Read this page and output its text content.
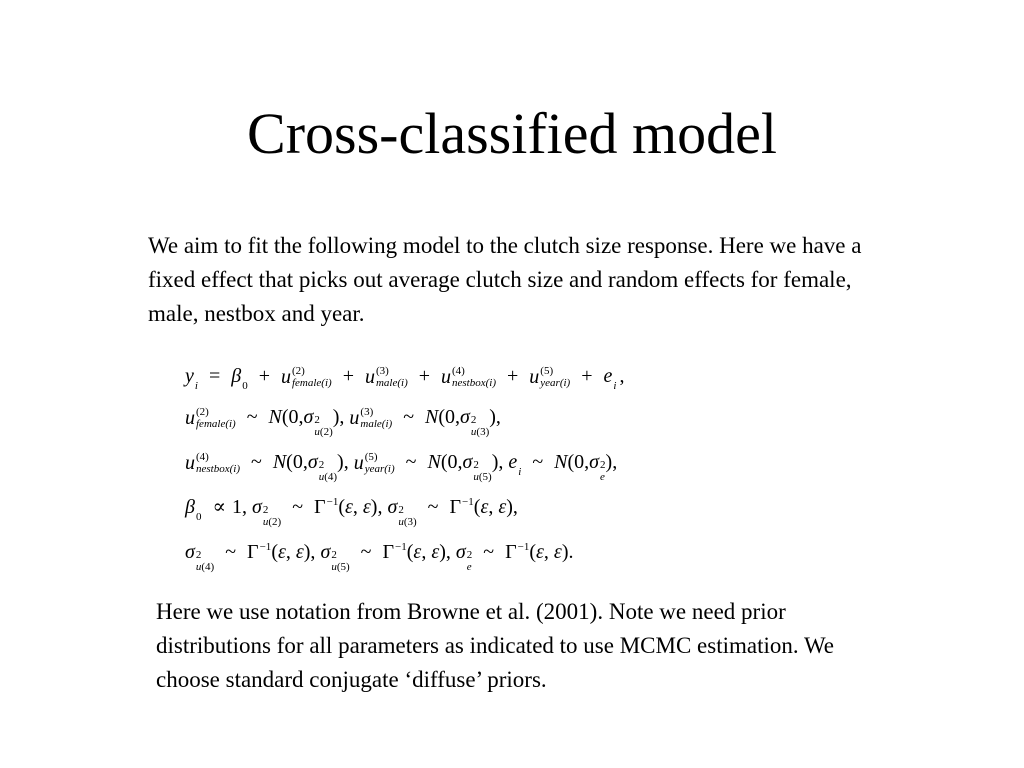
Cross-classified model

We aim to fit the following model to the clutch size response. Here we have a fixed effect that picks out average clutch size and random effects for female, male, nestbox and year.

$y_i = \beta_0 + u$ (2)
female(i) + u (3)
male(i) + u (4)
nestbox(i) + u (5)
year(i) + $e_i$ ,
u (2)
female(i) ~ N(0,σ 2
u(2)
), u (3)
male(i) ~ N(0,σ 2
u(3)
),
u (4)
nestbox(i) ~ N(0,σ 2
u(4)
), u (5)
year(i) ~ N(0,σ 2
u(5)
), $e_i$ ~ N(0,σ 2
e
),
$\beta_0 \propto 1$, σ 2
u(2)
~ $\Gamma^{-1}(\varepsilon$, ε), σ 2
u(3)
~ $\Gamma^{-1}(\varepsilon$, ε),
σ 2
u(4)
~ $\Gamma^{-1}(\varepsilon$, ε), σ 2
u(5)
~ $\Gamma^{-1}(\varepsilon$, ε), σ 2
e
~ $\Gamma^{-1}(\varepsilon$, ε).

Here we use notation from Browne et al. (2001). Note we need prior distributions for all parameters as indicated to use MCMC estimation. We choose standard conjugate ‘diffuse’ priors.
